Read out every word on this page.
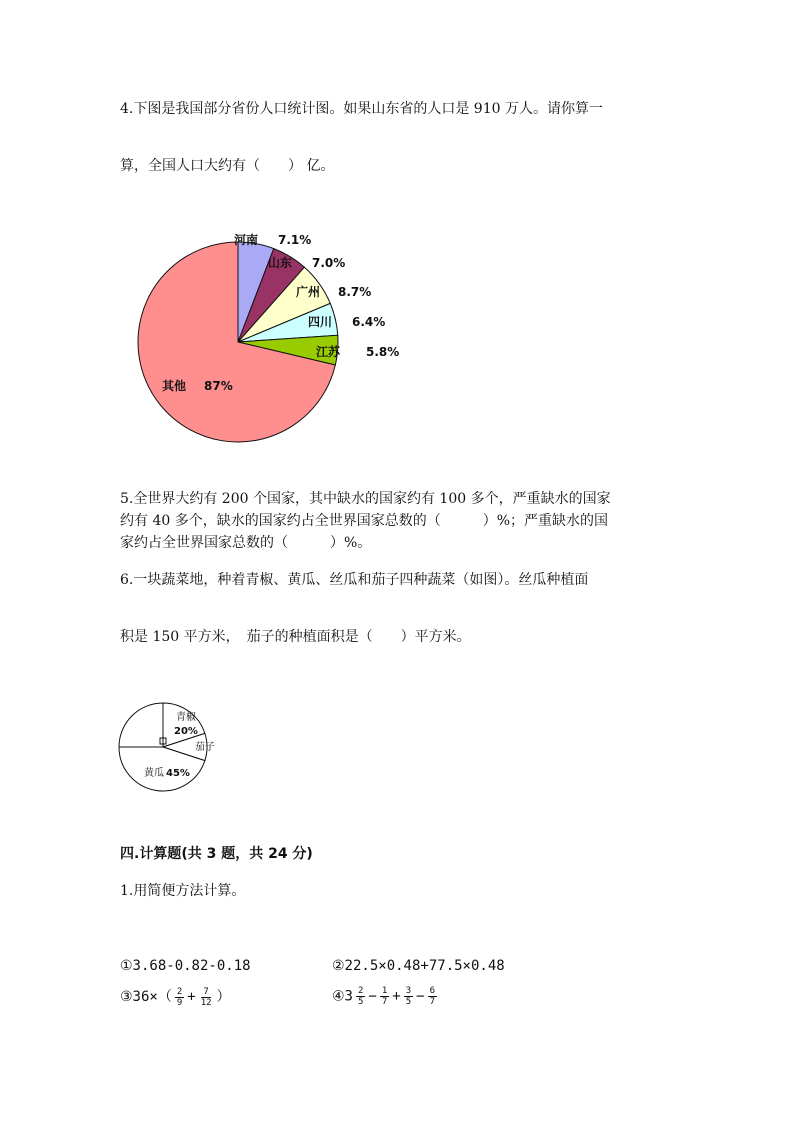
4.下图是我国部分省份人口统计图。如果山东省的人口是 910 万人。请你算一
算，全国人口大约有（　　） 亿。
河南 7.1%
山东 7.0%
广州 8.7%
四川 6.4%
江苏 5.8%
其他 87%
5.全世界大约有 200 个国家，其中缺水的国家约有 100 多个，严重缺水的国家
约有 40 多个，缺水的国家约占全世界国家总数的（　　　）%；严重缺水的国
家约占全世界国家总数的（　　　）%。
6.一块蔬菜地，种着青椒、黄瓜、丝瓜和茄子四种蔬菜（如图）。丝瓜种植面
积是 150 平方米，　茄子的种植面积是（　　）平方米。
青椒
20%
茄子
黄瓜 45%
四.计算题(共 3 题，共 24 分)
1.用简便方法计算。
①3.68-0.82-0.18	②22.5×0.48+77.5×0.48
③36×（ $\frac{2}{9} + \frac{7}{12}$ ）	④3 $\frac{2}{5} - \frac{1}{7} + \frac{3}{5} - \frac{6}{7}$
